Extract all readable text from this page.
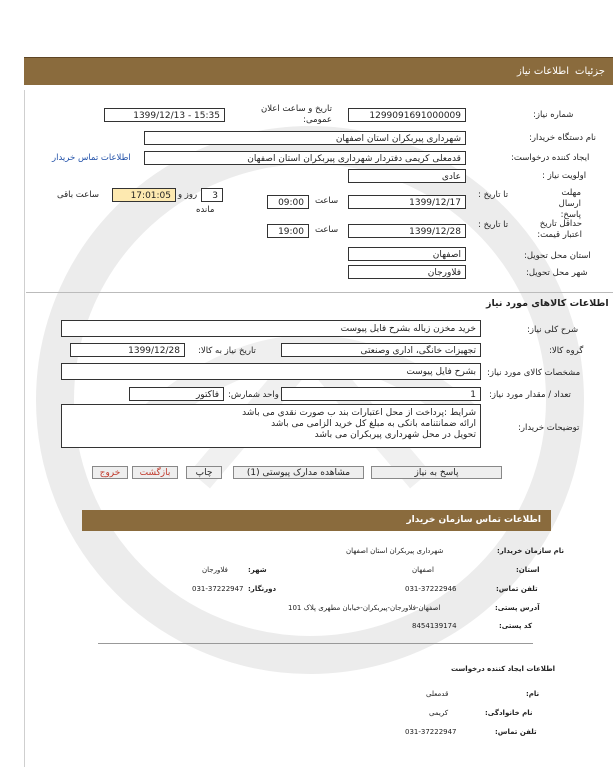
جزئیات
اطلاعات نیاز
شماره نیاز:
1299091691000009
تاریخ و ساعت اعلان عمومی:
1399/12/13 - 15:35
نام دستگاه خریدار:
شهرداری پیربکران استان اصفهان
ایجاد کننده درخواست:
قدمعلی کریمی دفتردار شهرداری پیربکران استان اصفهان
اطلاعات تماس خریدار
اولویت نیاز :
عادی
مهلت ارسال پاسخ:
تا تاریخ :
1399/12/17
ساعت
09:00
3
روز و
17:01:05
ساعت باقی
مانده
حداقل تاریخ اعتبار قیمت:
تا تاریخ :
1399/12/28
ساعت
19:00
استان محل تحویل:
اصفهان
شهر محل تحویل:
فلاورجان
اطلاعات کالاهای مورد نیاز
شرح کلی نیاز:
خرید مخزن زباله بشرح فایل پیوست
گروه کالا:
تجهیزات خانگی، اداری وصنعتی
تاریخ نیاز به کالا:
1399/12/28
مشخصات کالای مورد نیاز:
بشرح فایل پیوست
تعداد / مقدار مورد نیاز:
1
واحد شمارش:
فاکتور
توضیحات خریدار:
شرایط :پرداخت از محل اعتبارات بند ب صورت نقدی می باشد
ارائه ضمانتنامه بانکی به مبلغ کل خرید الزامی می باشد
تحویل در محل شهرداری پیربکران می باشد
پاسخ به نیاز
مشاهده مدارک پیوستی (1)
چاپ
بازگشت
خروج
اطلاعات تماس سازمان خریدار
نام سازمان خریدار:
شهرداری پیربکران استان اصفهان
استان:
اصفهان
شهر:
فلاورجان
تلفن تماس:
031-37222946
دورنگار:
031-37222947
آدرس پستی:
اصفهان-فلاورجان-پیربکران-خیابان مطهری پلاک 101
کد پستی:
8454139174
اطلاعات ایجاد کننده درخواست
نام:
قدمعلی
نام خانوادگی:
کریمی
تلفن تماس:
031-37222947
